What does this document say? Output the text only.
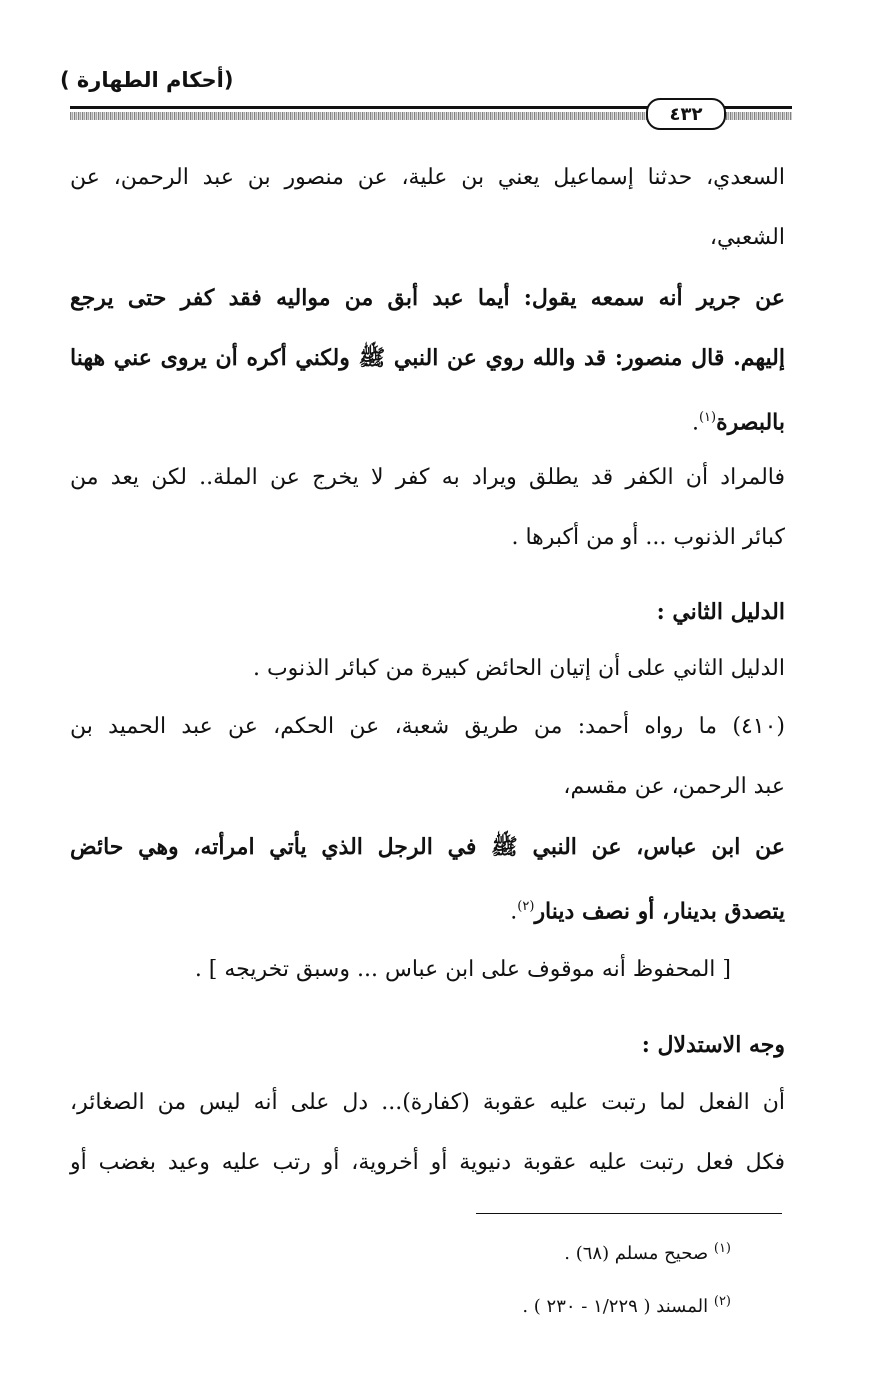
(أحكام الطهارة )
٤٣٢
السعدي، حدثنا إسماعيل يعني بن علية، عن منصور بن عبد الرحمن، عن
الشعبي،
عن جرير أنه سمعه يقول: أيما عبد أبق من مواليه فقد كفر حتى يرجع
إليهم. قال منصور: قد والله روي عن النبي ﷺ ولكني أكره أن يروى عني ههنا
بالبصرة$^{(١)}$.
فالمراد أن الكفر قد يطلق ويراد به كفر لا يخرج عن الملة.. لكن يعد من
كبائر الذنوب ... أو من أكبرها .
الدليل الثاني :
الدليل الثاني على أن إتيان الحائض كبيرة من كبائر الذنوب .
(٤١٠) ما رواه أحمد: من طريق شعبة، عن الحكم، عن عبد الحميد بن
عبد الرحمن، عن مقسم،
عن ابن عباس، عن النبي ﷺ في الرجل الذي يأتي امرأته، وهي حائض
يتصدق بدينار، أو نصف دينار$^{(٢)}$.
[ المحفوظ أنه موقوف على ابن عباس ... وسبق تخريجه ] .
وجه الاستدلال :
أن الفعل لما رتبت عليه عقوبة (كفارة)... دل على أنه ليس من الصغائر،
فكل فعل رتبت عليه عقوبة دنيوية أو أخروية، أو رتب عليه وعيد بغضب أو
$^{(١)}$ صحيح مسلم (٦٨) .
$^{(٢)}$ المسند ( ١/٢٢٩ - ٢٣٠ ) .
